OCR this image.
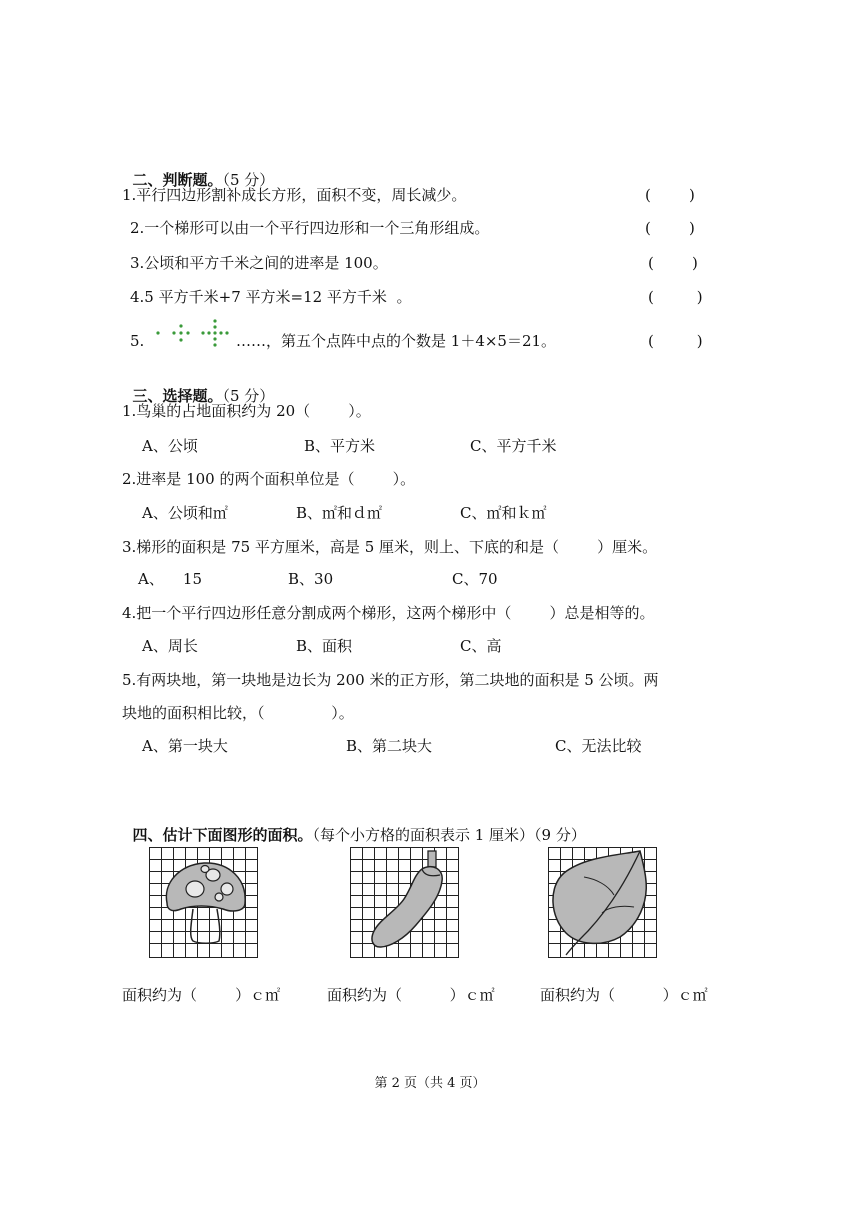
二、判断题。（5 分）

1.平行四边形割补成长方形，面积不变，周长减少。	(        )
2.一个梯形可以由一个平行四边形和一个三角形组成。	(        )
3.公顷和平方千米之间的进率是 100。	(        )
4.5 平方千米+7 平方米=12 平方千米  。	(         )
5.	……，第五个点阵中点的个数是 1＋4×5＝21。	(         )

三、选择题。（5 分）

1.鸟巢的占地面积约为 20（        ）。
A、公顷	B、平方米	C、平方千米
2.进率是 100 的两个面积单位是（        ）。
A、公顷和㎡	B、㎡和ｄ㎡	C、㎡和ｋ㎡
3.梯形的面积是 75 平方厘米，高是 5 厘米，则上、下底的和是（        ）厘米。
A、    15	B、30	C、70
4.把一个平行四边形任意分割成两个梯形，这两个梯形中（        ）总是相等的。
A、周长	B、面积	C、高
5.有两块地，第一块地是边长为 200 米的正方形，第二块地的面积是 5 公顷。两
块地的面积相比较，（              ）。
A、第一块大	B、第二块大	C、无法比较

四、估计下面图形的面积。（每个小方格的面积表示 1 厘米）（9 分）

面积约为（        ）ｃ㎡	面积约为（          ）ｃ㎡	面积约为（          ）ｃ㎡
第 2 页（共 4 页）
